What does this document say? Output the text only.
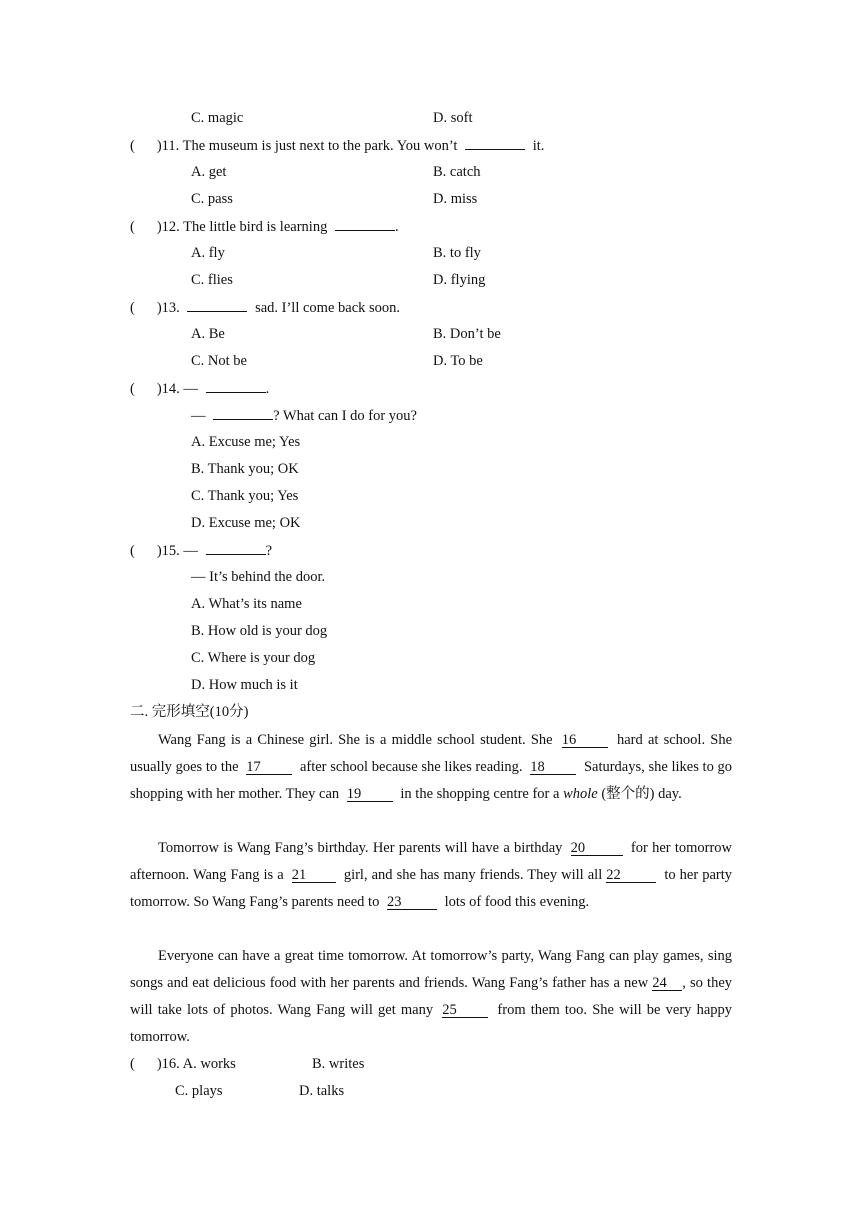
C. magic	D. soft
( )11. The museum is just next to the park. You won’t	it.
A. get	B. catch
C. pass	D. miss
( )12. The little bird is learning	.
A. fly	B. to fly
C. flies	D. flying
( )13.	sad. I’ll come back soon.
A. Be	B. Don’t be
C. Not be	D. To be
( )14. —	.
—	? What can I do for you?
A. Excuse me; Yes
B. Thank you; OK
C. Thank you; Yes
D. Excuse me; OK
( )15. —	?
— It’s behind the door.
A. What’s its name
B. How old is your dog
C. Where is your dog
D. How much is it
二. 完形填空(10分)
Wang Fang is a Chinese girl. She is a middle school student. She 16	hard at school. She usually goes to the 17	after school because she likes reading. 18	Saturdays, she likes to go shopping with her mother. They can 19	in the shopping centre for a whole (整个的) day.
Tomorrow is Wang Fang’s birthday. Her parents will have a birthday 20	for her tomorrow afternoon. Wang Fang is a 21	girl, and she has many friends. They will all 22	to her party tomorrow. So Wang Fang’s parents need to 23	lots of food this evening.
Everyone can have a great time tomorrow. At tomorrow’s party, Wang Fang can play games, sing songs and eat delicious food with her parents and friends. Wang Fang’s father has a new 24 , so they will take lots of photos. Wang Fang will get many 25	from them too. She will be very happy tomorrow.
( )16. A. works	B. writes
C. plays	D. talks
